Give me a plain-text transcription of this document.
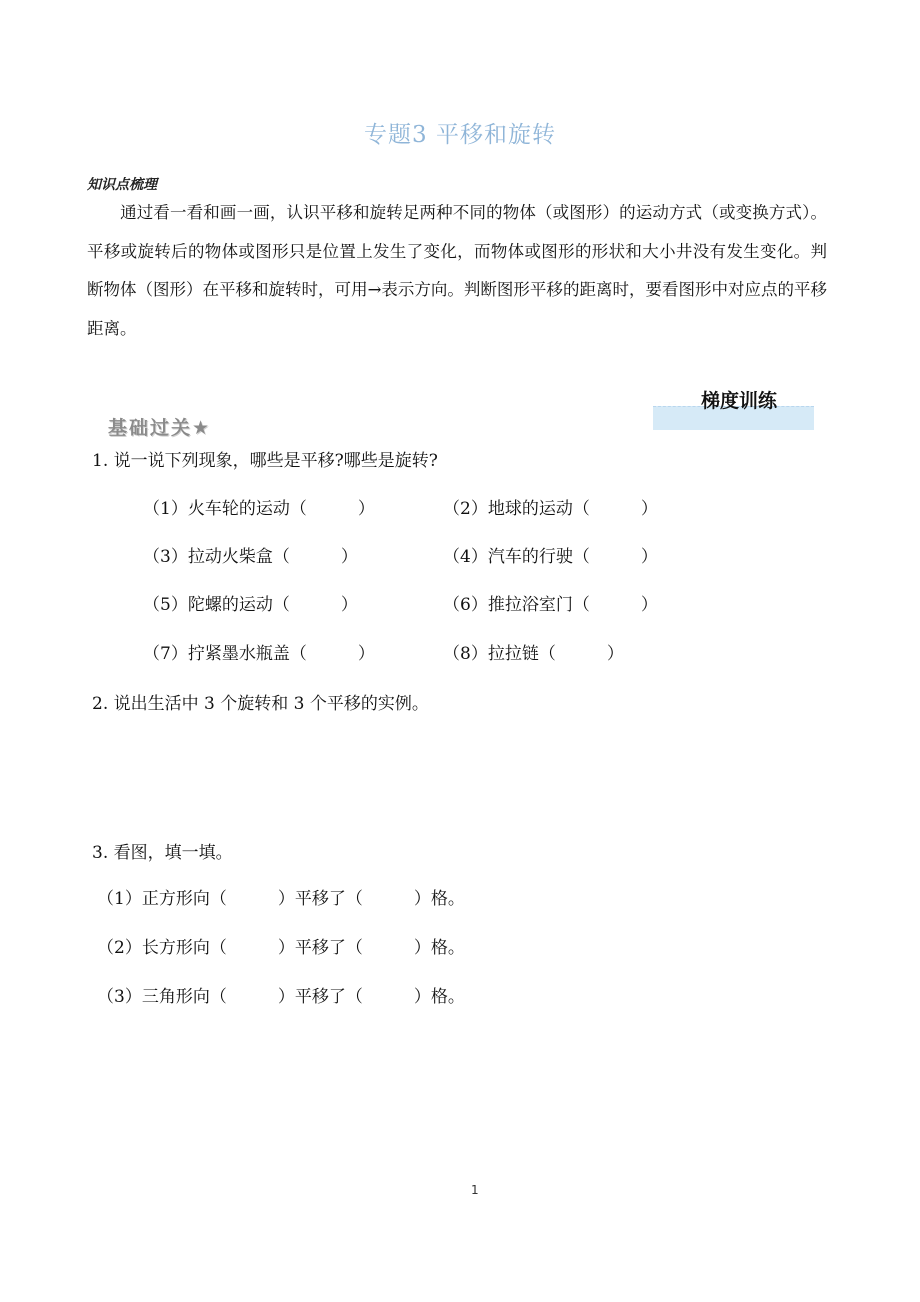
专题3 平移和旋转
知识点梳理
通过看一看和画一画，认识平移和旋转足两种不同的物体（或图形）的运动方式（或变换方式）。平移或旋转后的物体或图形只是位置上发生了变化，而物体或图形的形状和大小井没有发生变化。判断物体（图形）在平移和旋转时，可用→表示方向。判断图形平移的距离时，要看图形中对应点的平移距离。
梯度训练
基础过关★
1. 说一说下列现象，哪些是平移?哪些是旋转?
（1）火车轮的运动（　　　）	（2）地球的运动（　　　）
（3）拉动火柴盒（　　　）	（4）汽车的行驶（　　　）
（5）陀螺的运动（　　　）	（6）推拉浴室门（　　　）
（7）拧紧墨水瓶盖（　　　）	（8）拉拉链（　　　）
2. 说出生活中 3 个旋转和 3 个平移的实例。
3. 看图，填一填。
（1）正方形向（　　　）平移了（　　　）格。
（2）长方形向（　　　）平移了（　　　）格。
（3）三角形向（　　　）平移了（　　　）格。
1
